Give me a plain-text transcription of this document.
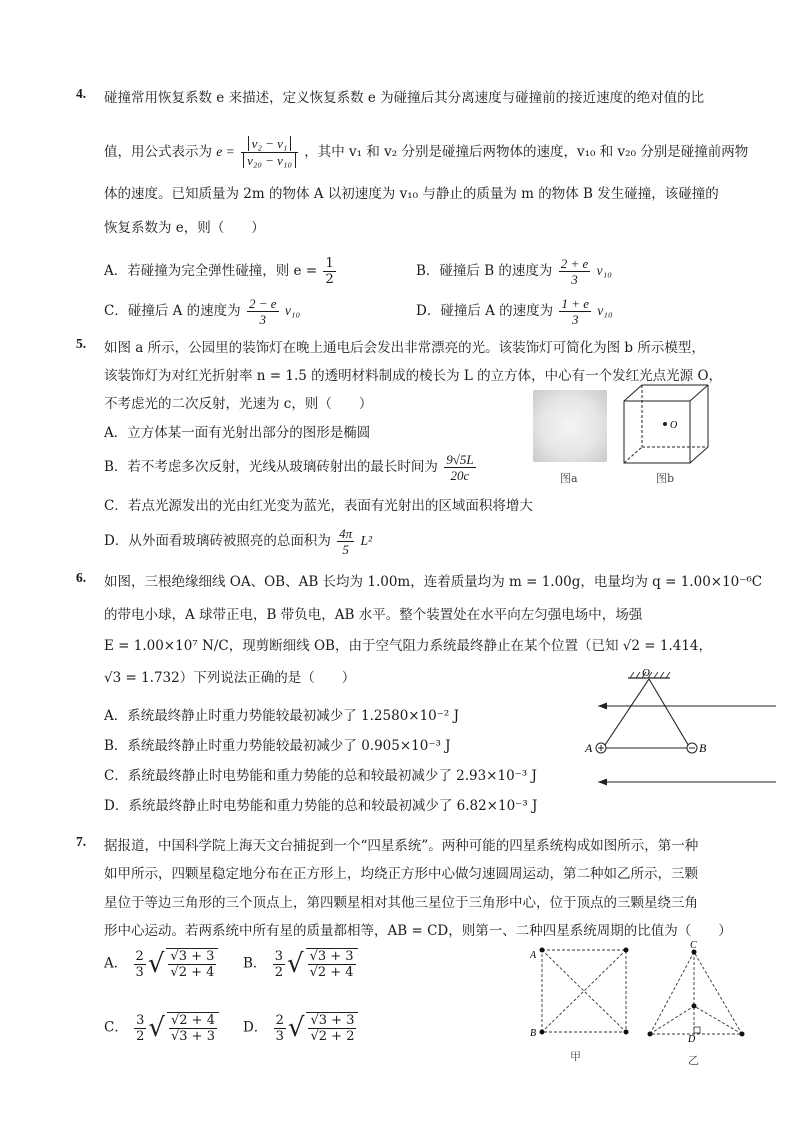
4. 碰撞常用恢复系数 e 来描述，定义恢复系数 e 为碰撞后其分离速度与碰撞前的接近速度的绝对值的比
值，用公式表示为 $e = \frac{\text{v₂ − v₁}}{\text{v₂₀ − v₁₀}}$ ，其中 v₁ 和 v₂ 分别是碰撞后两物体的速度，v₁₀ 和 v₂₀ 分别是碰撞前两物
体的速度。已知质量为 2m 的物体 A 以初速度为 v₁₀ 与静止的质量为 m 的物体 B 发生碰撞，该碰撞的
恢复系数为 e，则（　　）
A．若碰撞为完全弹性碰撞，则 $e = \frac{1}{2}$	B．碰撞后 B 的速度为 $\frac{2 + e}{3} v_{10}$
C．碰撞后 A 的速度为 $\frac{2 - e}{3} v_{10}$	D．碰撞后 A 的速度为 $\frac{1 + e}{3} v_{10}$
5. 如图 a 所示，公园里的装饰灯在晚上通电后会发出非常漂亮的光。该装饰灯可简化为图 b 所示模型，
该装饰灯为对红光折射率 n = 1.5 的透明材料制成的棱长为 L 的立方体，中心有一个发红光点光源 O，
不考虑光的二次反射，光速为 c，则（　　）
A．立方体某一面有光射出部分的图形是椭圆
B．若不考虑多次反射，光线从玻璃砖射出的最长时间为 $\frac{9√5L}{20c}$
C．若点光源发出的光由红光变为蓝光，表面有光射出的区域面积将增大
D．从外面看玻璃砖被照亮的总面积为 $\frac{4\pi}{5} L^2$
图a
O
图b
6. 如图，三根绝缘细线 OA、OB、AB 长均为 1.00m，连着质量均为 m = 1.00g，电量均为 q = 1.00×10⁻⁶C
的带电小球，A 球带正电，B 带负电，AB 水平。整个装置处在水平向左匀强电场中，场强
E = 1.00×10⁷ N/C，现剪断细线 OB，由于空气阻力系统最终静止在某个位置（已知 √2 = 1.414，
√3 = 1.732）下列说法正确的是（　　）
A．系统最终静止时重力势能较最初减少了 1.2580×10⁻² J
B．系统最终静止时重力势能较最初减少了 0.905×10⁻³ J
C．系统最终静止时电势能和重力势能的总和较最初减少了 2.93×10⁻³ J
D．系统最终静止时电势能和重力势能的总和较最初减少了 6.82×10⁻³ J
O
A	B
7. 据报道，中国科学院上海天文台捕捉到一个“四星系统”。两种可能的四星系统构成如图所示，第一种
如甲所示，四颗星稳定地分布在正方形上，均绕正方形中心做匀速圆周运动，第二种如乙所示，三颗
星位于等边三角形的三个顶点上，第四颗星相对其他三星位于三角形中心，位于顶点的三颗星绕三角
形中心运动。若两系统中所有星的质量都相等，AB = CD，则第一、二种四星系统周期的比值为（　　）
A． $\frac{2}{3}$ √ $\frac{√3 + 3}{√2 + 4}$ B． $\frac{3}{2}$ √ $\frac{√3 + 3}{√2 + 4}$
C． $\frac{3}{2}$ √ $\frac{√2 + 4}{√3 + 3}$ D． $\frac{2}{3}$ √ $\frac{√3 + 3}{√2 + 2}$
A
B
甲
C
D
乙
